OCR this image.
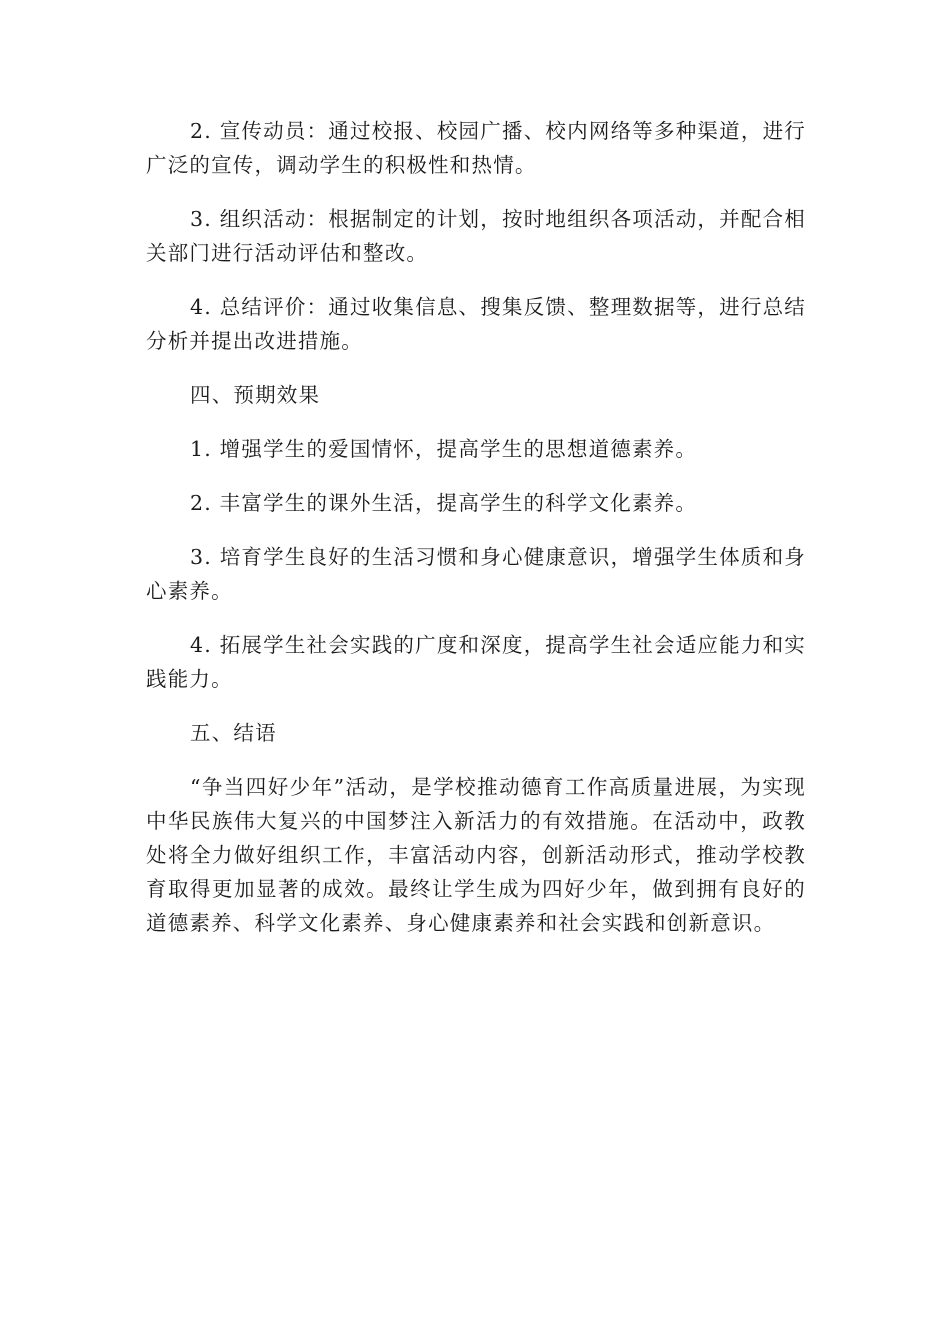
2. 宣传动员：通过校报、校园广播、校内网络等多种渠道，进行广泛的宣传，调动学生的积极性和热情。

3. 组织活动：根据制定的计划，按时地组织各项活动，并配合相关部门进行活动评估和整改。

4. 总结评价：通过收集信息、搜集反馈、整理数据等，进行总结分析并提出改进措施。

四、预期效果

1. 增强学生的爱国情怀，提高学生的思想道德素养。

2. 丰富学生的课外生活，提高学生的科学文化素养。

3. 培育学生良好的生活习惯和身心健康意识，增强学生体质和身心素养。

4. 拓展学生社会实践的广度和深度，提高学生社会适应能力和实践能力。

五、结语

“争当四好少年”活动，是学校推动德育工作高质量进展，为实现中华民族伟大复兴的中国梦注入新活力的有效措施。在活动中，政教处将全力做好组织工作，丰富活动内容，创新活动形式，推动学校教育取得更加显著的成效。最终让学生成为四好少年，做到拥有良好的道德素养、科学文化素养、身心健康素养和社会实践和创新意识。
